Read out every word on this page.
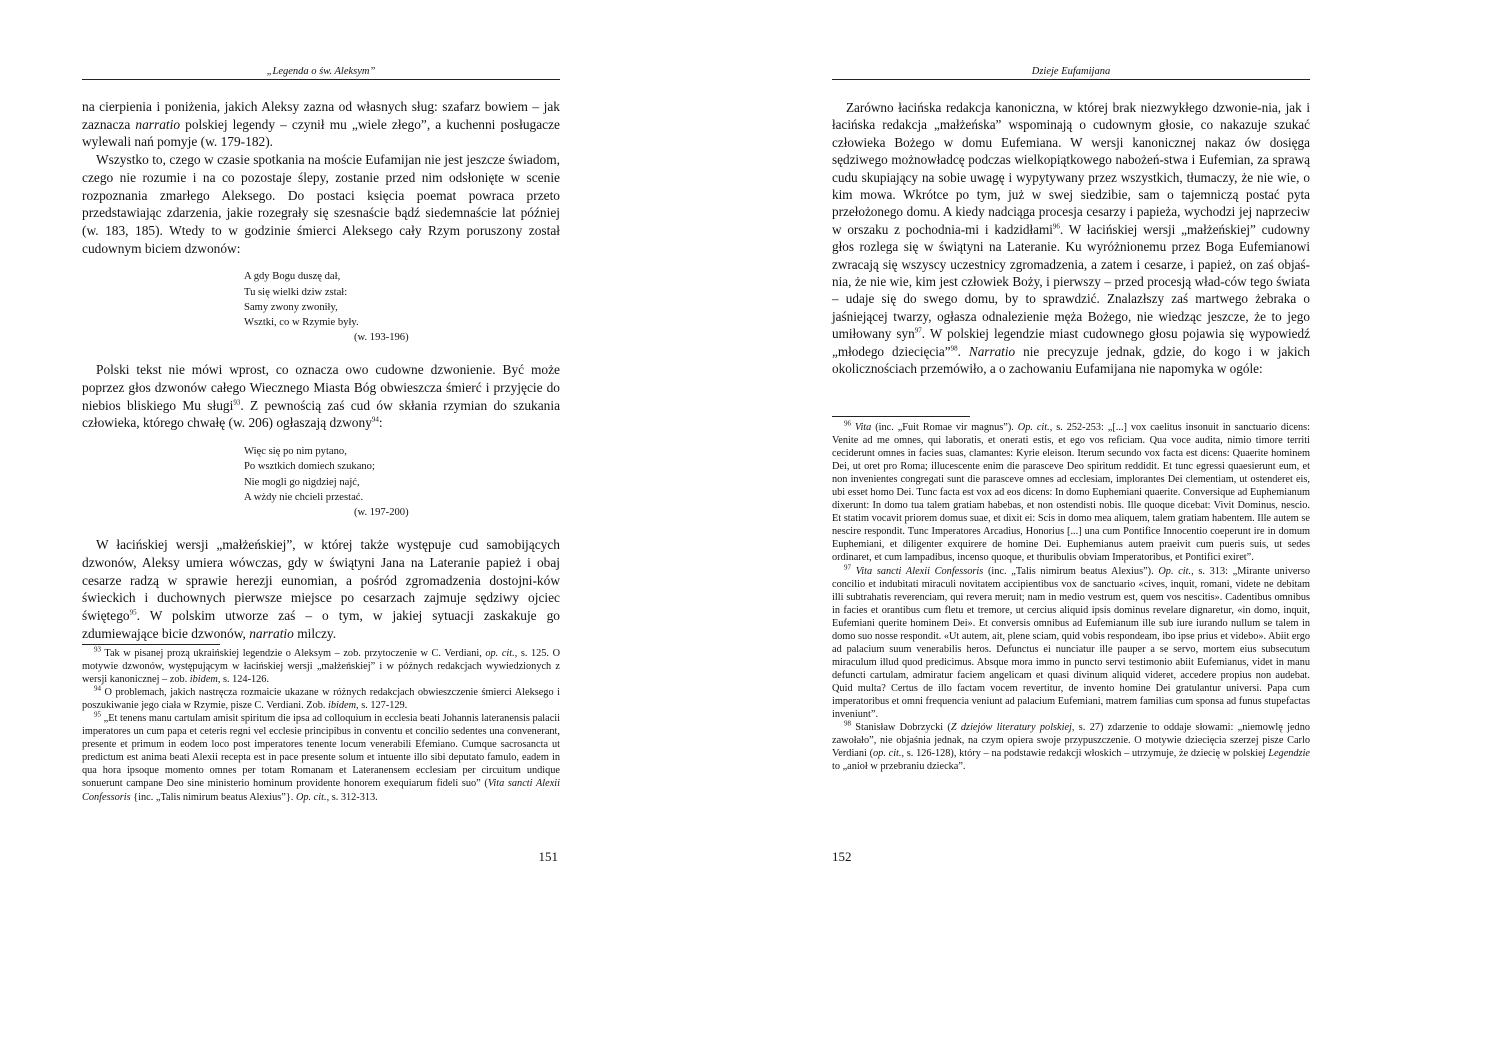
„Legenda o św. Aleksym”

na cierpienia i poniżenia, jakich Aleksy zazna od własnych sług: szafarz bowiem – jak zaznacza narratio polskiej legendy – czynił mu „wiele złego”, a kuchenni posługacze wylewali nań pomyje (w. 179-182).

Wszystko to, czego w czasie spotkania na moście Eufamijan nie jest jeszcze świadom, czego nie rozumie i na co pozostaje ślepy, zostanie przed nim odsłonięte w scenie rozpoznania zmarłego Aleksego. Do postaci księcia poemat powraca przeto przedstawiając zdarzenia, jakie rozegrały się szesnaście bądź siedemnaście lat później (w. 183, 185). Wtedy to w godzinie śmierci Aleksego cały Rzym poruszony został cudownym biciem dzwonów:

A gdy Bogu duszę dał,
Tu się wielki dziw zstał:
Samy zwony zwoniły,
Wsztki, co w Rzymie były.
(w. 193-196)

Polski tekst nie mówi wprost, co oznacza owo cudowne dzwonienie. Być może poprzez głos dzwonów całego Wiecznego Miasta Bóg obwieszcza śmierć i przyjęcie do niebios bliskiego Mu sługi$^{93}$. Z pewnością zaś cud ów skłania rzymian do szukania człowieka, którego chwałę (w. 206) ogłaszają dzwony$^{94}$:

Więc się po nim pytano,
Po wsztkich domiech szukano;
Nie mogli go nigdziej najć,
A wżdy nie chcieli przestać.
(w. 197-200)

W łacińskiej wersji „małżeńskiej”, w której także występuje cud samobijących dzwonów, Aleksy umiera wówczas, gdy w świątyni Jana na Lateranie papież i obaj cesarze radzą w sprawie herezji eunomian, a pośród zgromadzenia dostojni-ków świeckich i duchownych pierwsze miejsce po cesarzach zajmuje sędziwy ojciec świętego$^{95}$. W polskim utworze zaś – o tym, w jakiej sytuacji zaskakuje go zdumiewające bicie dzwonów, narratio milczy.

$^{93}$ Tak w pisanej prozą ukraińskiej legendzie o Aleksym – zob. przytoczenie w C. Verdiani, op. cit., s. 125. O motywie dzwonów, występującym w łacińskiej wersji „małżeńskiej” i w późnych redakcjach wywiedzionych z wersji kanonicznej – zob. ibidem, s. 124-126.

$^{94}$ O problemach, jakich nastręcza rozmaicie ukazane w różnych redakcjach obwieszczenie śmierci Aleksego i poszukiwanie jego ciała w Rzymie, pisze C. Verdiani. Zob. ibidem, s. 127-129.

$^{95}$ „Et tenens manu cartulam amisit spiritum die ipsa ad colloquium in ecclesia beati Johannis lateranensis palacii imperatores un cum papa et ceteris regni vel ecclesie principibus in conventu et concilio sedentes una convenerant, presente et primum in eodem loco post imperatores tenente locum venerabili Efemiano. Cumque sacrosancta ut predictum est anima beati Alexii recepta est in pace presente solum et intuente illo sibi deputato famulo, eadem in qua hora ipsoque momento omnes per totam Romanam et Lateranensem ecclesiam per circuitum undique sonuerunt campane Deo sine ministerio hominum providente honorem exequiarum fideli suo” (Vita sancti Alexii Confessoris {inc. „Talis nimirum beatus Alexius”}. Op. cit., s. 312-313.

151
Dzieje Eufamijana

Zarówno łacińska redakcja kanoniczna, w której brak niezwykłego dzwonie-nia, jak i łacińska redakcja „małżeńska” wspominają o cudownym głosie, co nakazuje szukać człowieka Bożego w domu Eufemiana. W wersji kanonicznej nakaz ów dosięga sędziwego możnowładcę podczas wielkopiątkowego nabożeń-stwa i Eufemian, za sprawą cudu skupiający na sobie uwagę i wypytywany przez wszystkich, tłumaczy, że nie wie, o kim mowa. Wkrótce po tym, już w swej siedzibie, sam o tajemniczą postać pyta przełożonego domu. A kiedy nadciąga procesja cesarzy i papieża, wychodzi jej naprzeciw w orszaku z pochodnia-mi i kadzidłami$^{96}$. W łacińskiej wersji „małżeńskiej” cudowny głos rozlega się w świątyni na Lateranie. Ku wyróżnionemu przez Boga Eufemianowi zwracają się wszyscy uczestnicy zgromadzenia, a zatem i cesarze, i papież, on zaś objaś-nia, że nie wie, kim jest człowiek Boży, i pierwszy – przed procesją wład-ców tego świata – udaje się do swego domu, by to sprawdzić. Znalazłszy zaś martwego żebraka o jaśniejącej twarzy, ogłasza odnalezienie męża Bożego, nie wiedząc jeszcze, że to jego umiłowany syn$^{97}$. W polskiej legendzie miast cudownego głosu pojawia się wypowiedź „młodego dziecięcia”$^{98}$. Narratio nie precyzuje jednak, gdzie, do kogo i w jakich okolicznościach przemówiło, a o zachowaniu Eufamijana nie napomyka w ogóle:

$^{96}$ Vita (inc. „Fuit Romae vir magnus”). Op. cit., s. 252-253: „[...] vox caelitus insonuit in sanctuario dicens: Venite ad me omnes, qui laboratis, et onerati estis, et ego vos reficiam. Qua voce audita, nimio timore territi ceciderunt omnes in facies suas, clamantes: Kyrie eleison. Iterum secundo vox facta est dicens: Quaerite hominem Dei, ut oret pro Roma; illucescente enim die parasceve Deo spiritum reddidit. Et tunc egressi quaesierunt eum, et non invenientes congregati sunt die parasceve omnes ad ecclesiam, implorantes Dei clementiam, ut ostenderet eis, ubi esset homo Dei. Tunc facta est vox ad eos dicens: In domo Euphemiani quaerite. Conversique ad Euphemianum dixerunt: In domo tua talem gratiam habebas, et non ostendisti nobis. Ille quoque dicebat: Vivit Dominus, nescio. Et statim vocavit priorem domus suae, et dixit ei: Scis in domo mea aliquem, talem gratiam habentem. Ille autem se nescire respondit. Tunc Imperatores Arcadius, Honorius [...] una cum Pontifice Innocentio coeperunt ire in domum Euphemiani, et diligenter exquirere de homine Dei. Euphemianus autem praeivit cum pueris suis, ut sedes ordinaret, et cum lampadibus, incenso quoque, et thuribulis obviam Imperatoribus, et Pontifici exiret”.

$^{97}$ Vita sancti Alexii Confessoris (inc. „Talis nimirum beatus Alexius”). Op. cit., s. 313: „Mirante universo concilio et indubitati miraculi novitatem accipientibus vox de sanctuario «cives, inquit, romani, videte ne debitam illi subtrahatis reverenciam, qui revera meruit; nam in medio vestrum est, quem vos nescitis». Cadentibus omnibus in facies et orantibus cum fletu et tremore, ut cercius aliquid ipsis dominus revelare dignaretur, «in domo, inquit, Eufemiani querite hominem Dei». Et conversis omnibus ad Eufemianum ille sub iure iurando nullum se talem in domo suo nosse respondit. «Ut autem, ait, plene sciam, quid vobis respondeam, ibo ipse prius et videbo». Abiit ergo ad palacium suum venerabilis heros. Defunctus ei nunciatur ille pauper a se servo, mortem eius subsecutum miraculum illud quod predicimus. Absque mora immo in puncto servi testimonio abiit Eufemianus, videt in manu defuncti cartulam, admiratur faciem angelicam et quasi divinum aliquid videret, accedere propius non audebat. Quid multa? Certus de illo factam vocem revertitur, de invento homine Dei gratulantur universi. Papa cum imperatoribus et omni frequencia veniunt ad palacium Eufemiani, matrem familias cum sponsa ad funus stupefactas inveniunt”.

$^{98}$ Stanisław Dobrzycki (Z dziejów literatury polskiej, s. 27) zdarzenie to oddaje słowami: „niemowlę jedno zawołało”, nie objaśnia jednak, na czym opiera swoje przypuszczenie. O motywie dziecięcia szerzej pisze Carlo Verdiani (op. cit., s. 126-128), który – na podstawie redakcji włoskich – utrzymuje, że dziecię w polskiej Legendzie to „anioł w przebraniu dziecka”.

152
